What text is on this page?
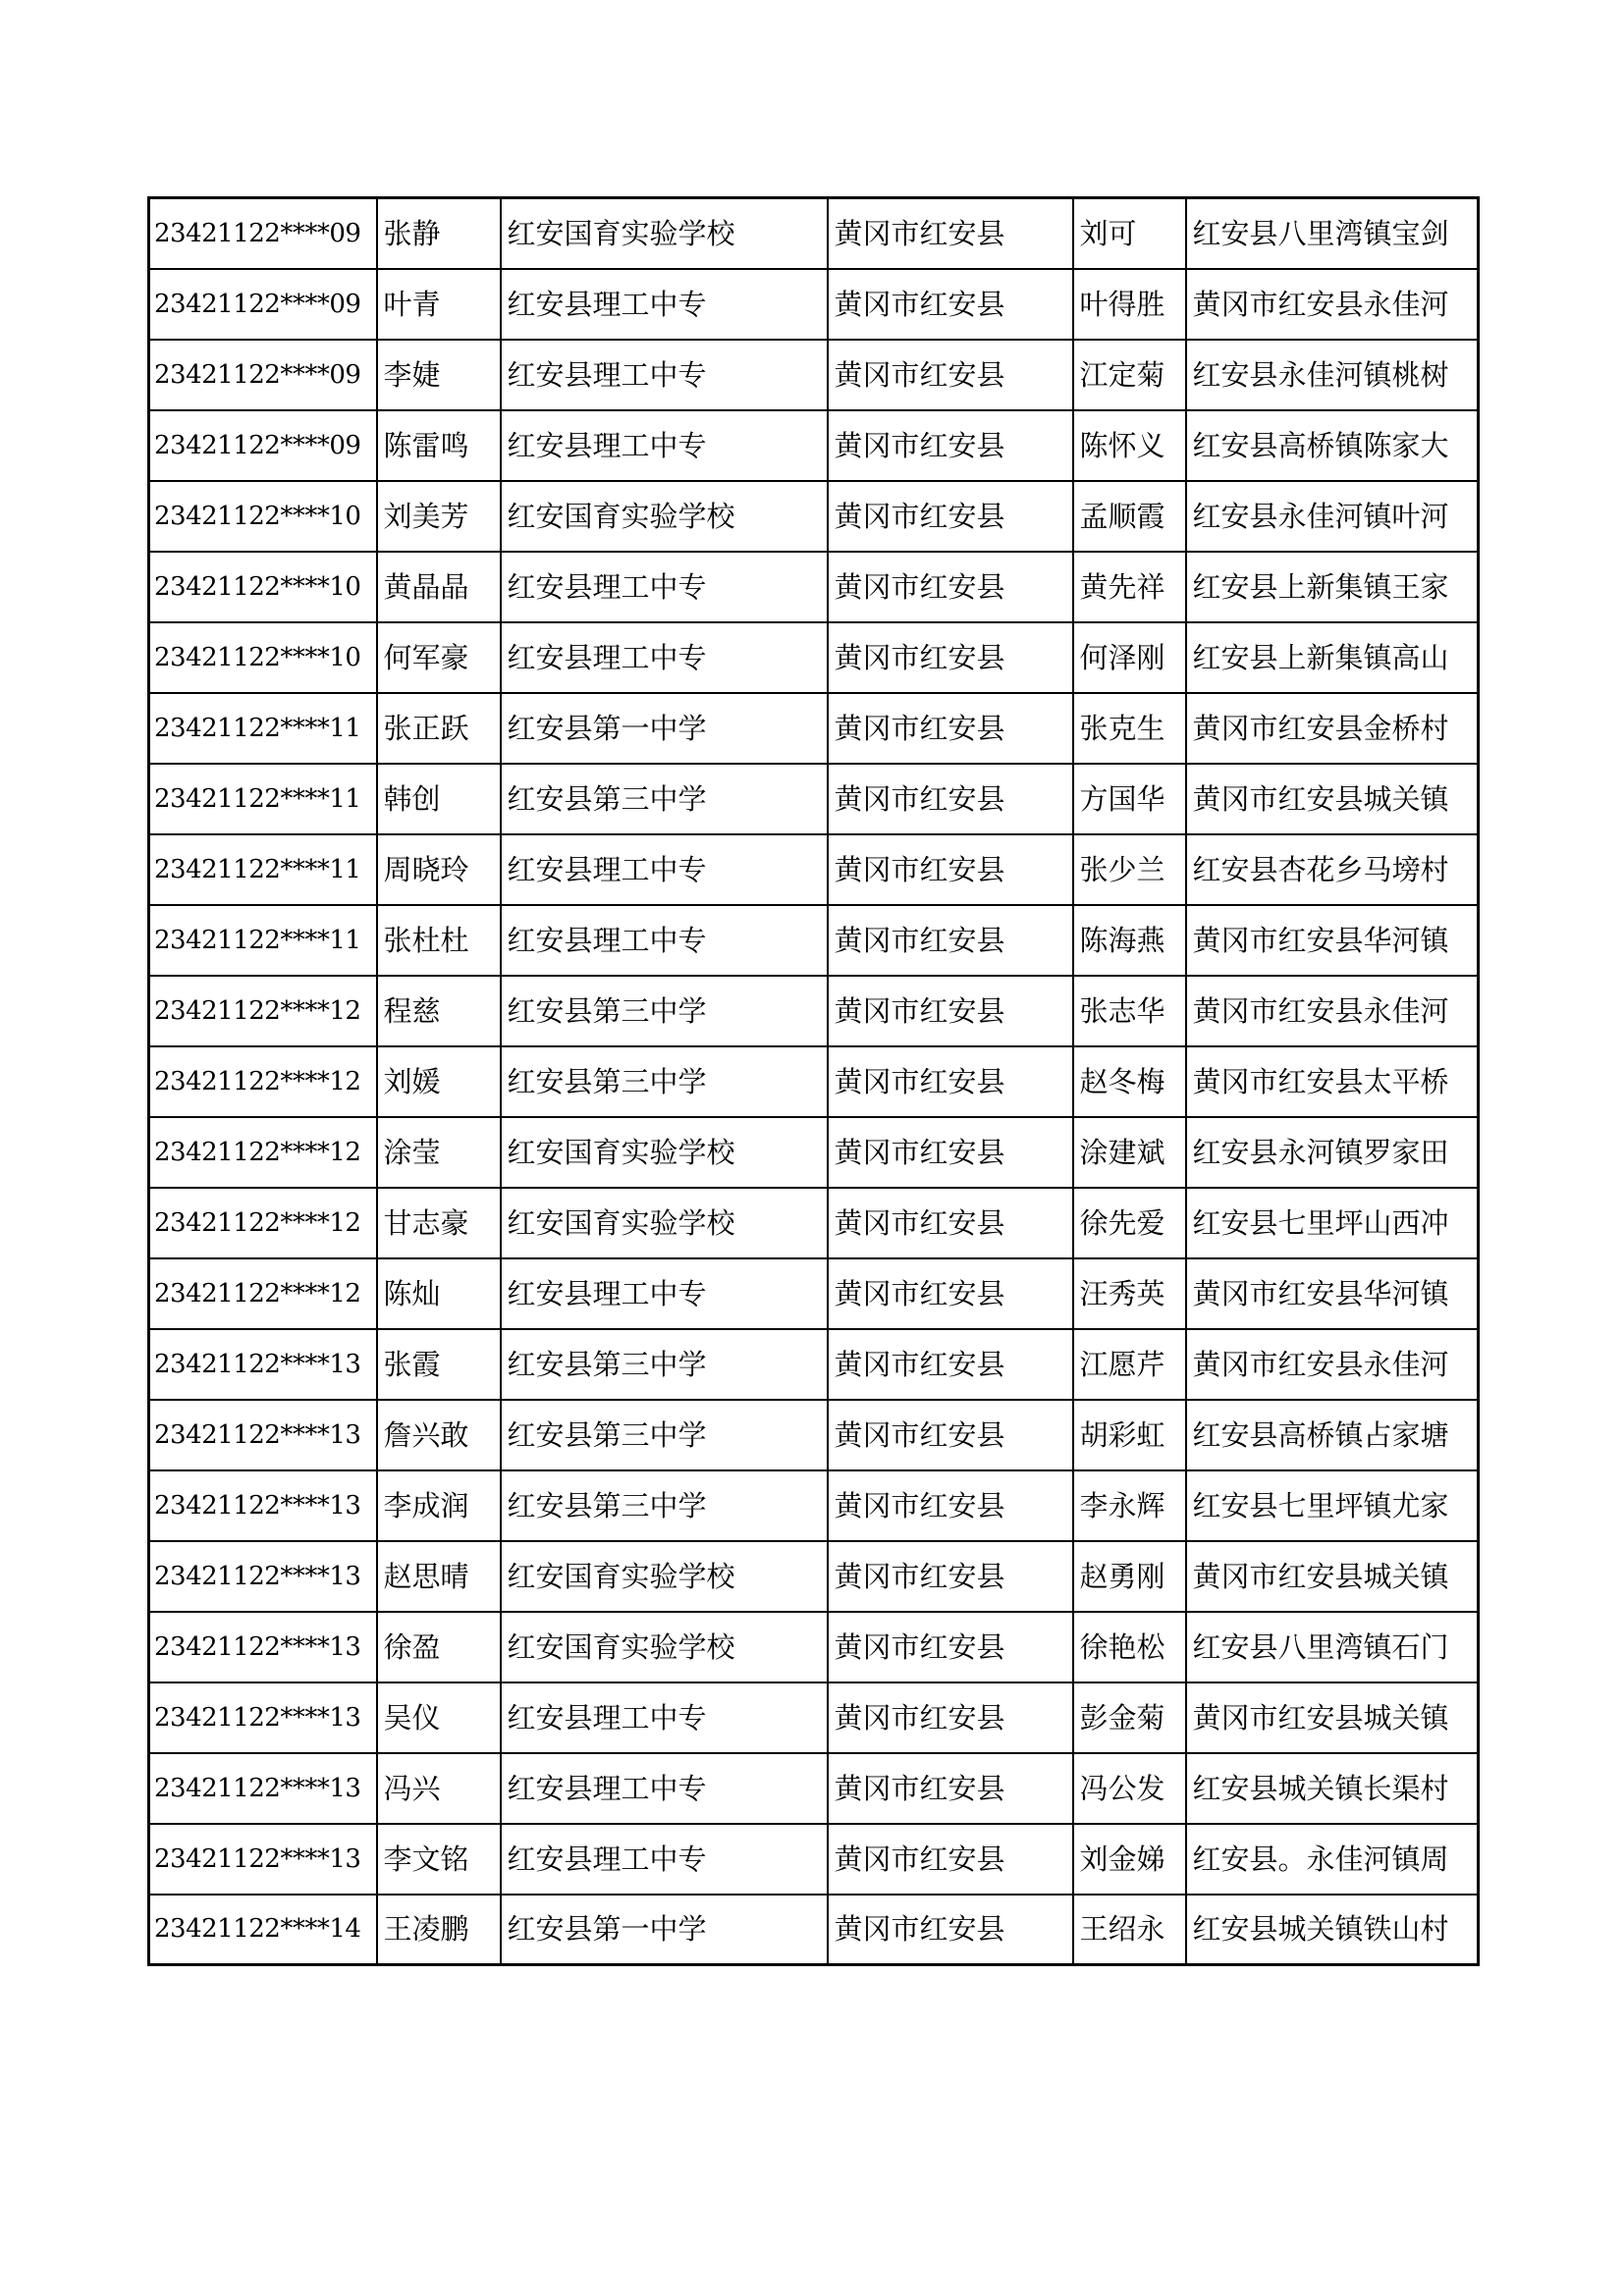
23421122****09	张静	红安国育实验学校	黄冈市红安县	刘可	红安县八里湾镇宝剑
23421122****09	叶青	红安县理工中专	黄冈市红安县	叶得胜	黄冈市红安县永佳河
23421122****09	李婕	红安县理工中专	黄冈市红安县	江定菊	红安县永佳河镇桃树
23421122****09	陈雷鸣	红安县理工中专	黄冈市红安县	陈怀义	红安县高桥镇陈家大
23421122****10	刘美芳	红安国育实验学校	黄冈市红安县	孟顺霞	红安县永佳河镇叶河
23421122****10	黄晶晶	红安县理工中专	黄冈市红安县	黄先祥	红安县上新集镇王家
23421122****10	何军豪	红安县理工中专	黄冈市红安县	何泽刚	红安县上新集镇高山
23421122****11	张正跃	红安县第一中学	黄冈市红安县	张克生	黄冈市红安县金桥村
23421122****11	韩创	红安县第三中学	黄冈市红安县	方国华	黄冈市红安县城关镇
23421122****11	周晓玲	红安县理工中专	黄冈市红安县	张少兰	红安县杏花乡马塝村
23421122****11	张杜杜	红安县理工中专	黄冈市红安县	陈海燕	黄冈市红安县华河镇
23421122****12	程慈	红安县第三中学	黄冈市红安县	张志华	黄冈市红安县永佳河
23421122****12	刘媛	红安县第三中学	黄冈市红安县	赵冬梅	黄冈市红安县太平桥
23421122****12	涂莹	红安国育实验学校	黄冈市红安县	涂建斌	红安县永河镇罗家田
23421122****12	甘志豪	红安国育实验学校	黄冈市红安县	徐先爱	红安县七里坪山西冲
23421122****12	陈灿	红安县理工中专	黄冈市红安县	汪秀英	黄冈市红安县华河镇
23421122****13	张霞	红安县第三中学	黄冈市红安县	江愿芹	黄冈市红安县永佳河
23421122****13	詹兴敢	红安县第三中学	黄冈市红安县	胡彩虹	红安县高桥镇占家塘
23421122****13	李成润	红安县第三中学	黄冈市红安县	李永辉	红安县七里坪镇尤家
23421122****13	赵思晴	红安国育实验学校	黄冈市红安县	赵勇刚	黄冈市红安县城关镇
23421122****13	徐盈	红安国育实验学校	黄冈市红安县	徐艳松	红安县八里湾镇石门
23421122****13	吴仪	红安县理工中专	黄冈市红安县	彭金菊	黄冈市红安县城关镇
23421122****13	冯兴	红安县理工中专	黄冈市红安县	冯公发	红安县城关镇长渠村
23421122****13	李文铭	红安县理工中专	黄冈市红安县	刘金娣	红安县。永佳河镇周
23421122****14	王凌鹏	红安县第一中学	黄冈市红安县	王绍永	红安县城关镇铁山村
